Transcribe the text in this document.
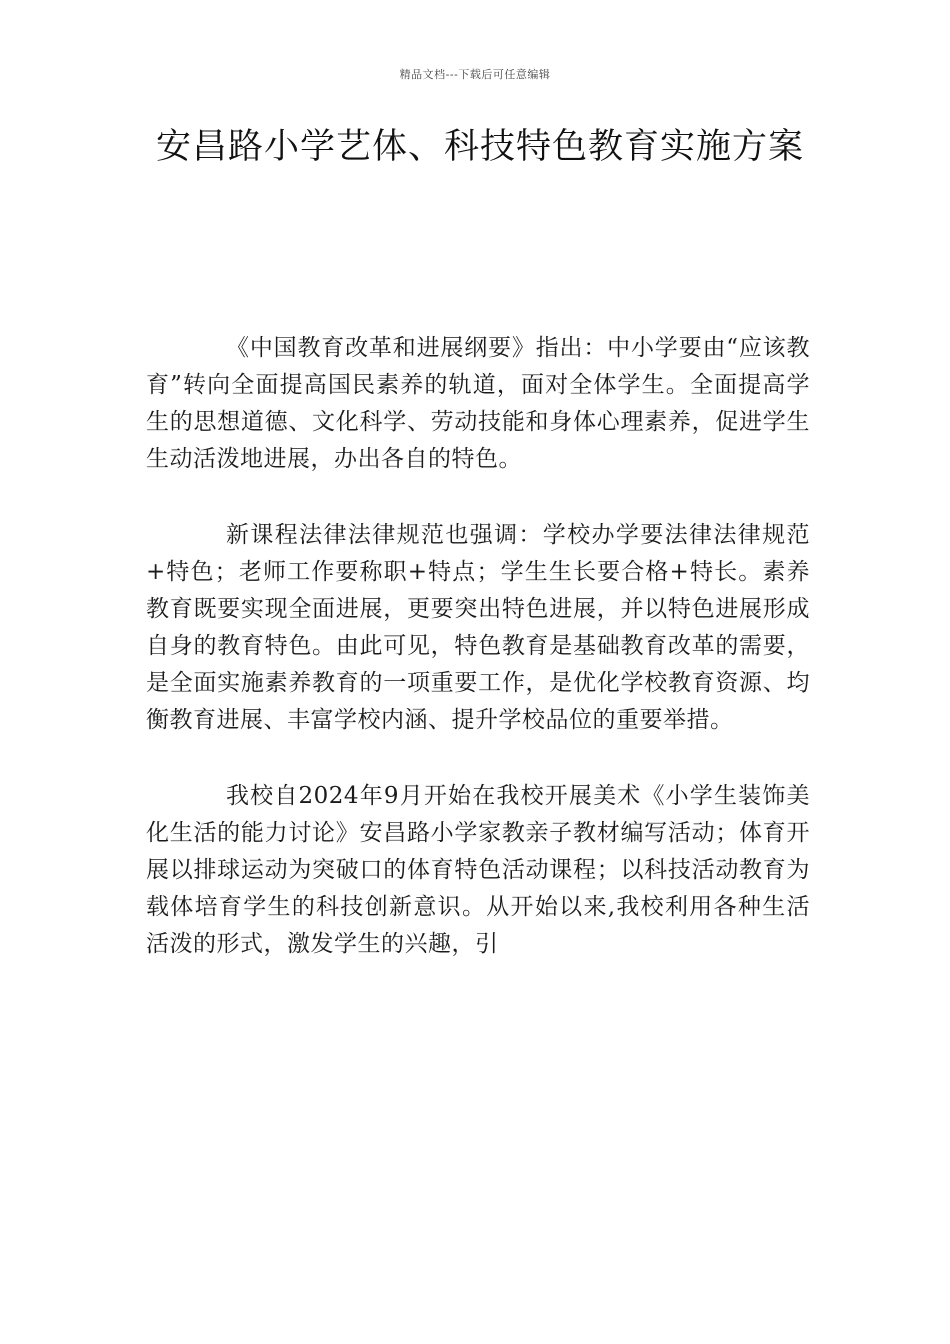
精品文档---下载后可任意编辑
安昌路小学艺体、科技特色教育实施方案

《中国教育改革和进展纲要》指出：中小学要由“应该教育”转向全面提高国民素养的轨道，面对全体学生。全面提高学生的思想道德、文化科学、劳动技能和身体心理素养，促进学生生动活泼地进展，办出各自的特色。

新课程法律法律规范也强调：学校办学要法律法律规范+特色；老师工作要称职+特点；学生生长要合格+特长。素养教育既要实现全面进展，更要突出特色进展，并以特色进展形成自身的教育特色。由此可见，特色教育是基础教育改革的需要，是全面实施素养教育的一项重要工作，是优化学校教育资源、均衡教育进展、丰富学校内涵、提升学校品位的重要举措。

我校自2024年9月开始在我校开展美术《小学生装饰美化生活的能力讨论》安昌路小学家教亲子教材编写活动；体育开展以排球运动为突破口的体育特色活动课程；以科技活动教育为载体培育学生的科技创新意识。从开始以来,我校利用各种生活活泼的形式，激发学生的兴趣，引
